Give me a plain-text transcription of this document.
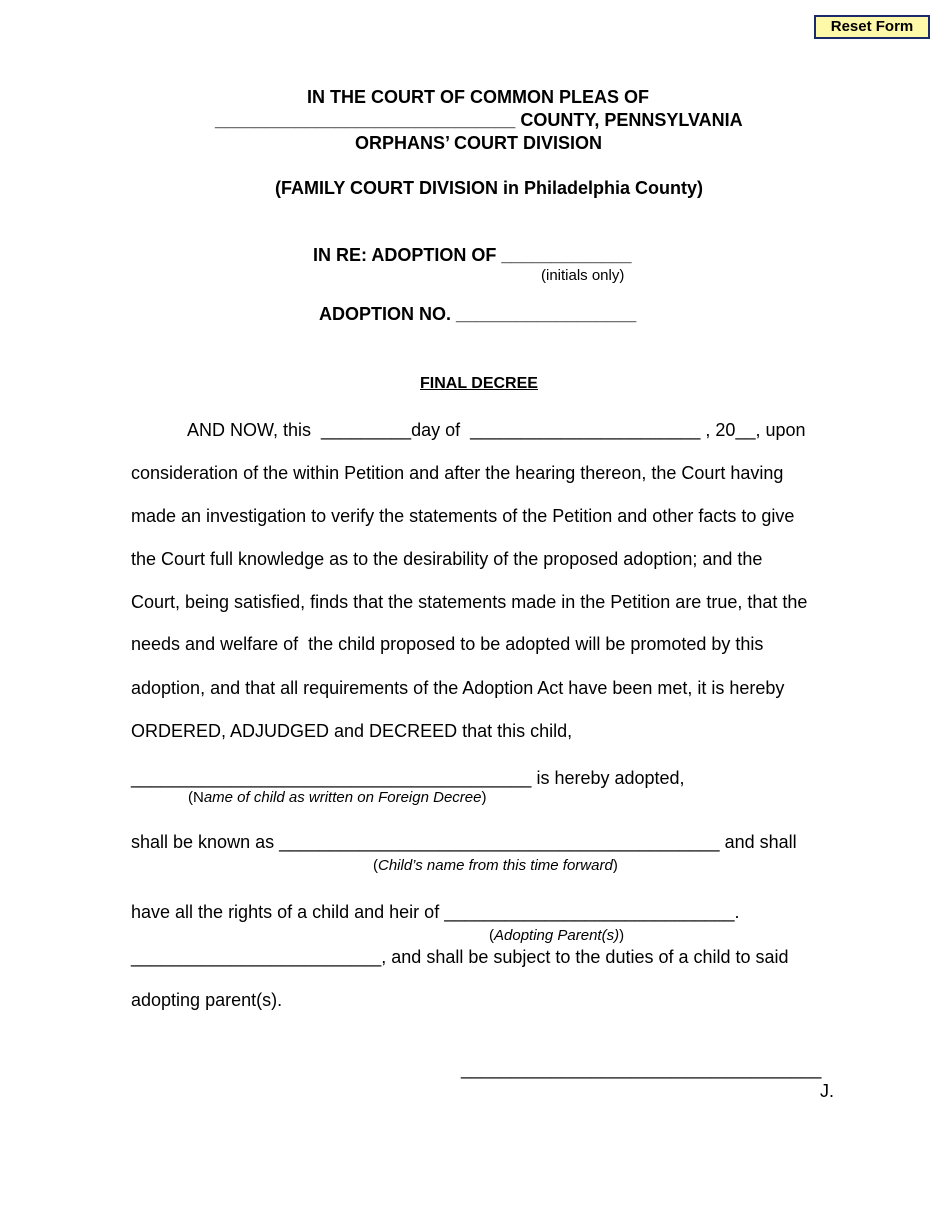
Reset Form
IN THE COURT OF COMMON PLEAS OF
______________________________ COUNTY, PENNSYLVANIA
ORPHANS’ COURT DIVISION
(FAMILY COURT DIVISION in Philadelphia County)
IN RE: ADOPTION OF _____________
(initials only)
ADOPTION NO. __________________
FINAL DECREE
AND NOW, this  _________day of  _______________________ , 20__, upon
consideration of the within Petition and after the hearing thereon, the Court having
made an investigation to verify the statements of the Petition and other facts to give
the Court full knowledge as to the desirability of the proposed adoption; and the
Court, being satisfied, finds that the statements made in the Petition are true, that the
needs and welfare of  the child proposed to be adopted will be promoted by this
adoption, and that all requirements of the Adoption Act have been met, it is hereby
ORDERED, ADJUDGED and DECREED that this child,
________________________________________ is hereby adopted,
(Name of child as written on Foreign Decree)
shall be known as ____________________________________________ and shall
(Child’s name from this time forward)
have all the rights of a child and heir of _____________________________.
(Adopting Parent(s))
_________________________, and shall be subject to the duties of a child to said
adopting parent(s).
____________________________________
J.
